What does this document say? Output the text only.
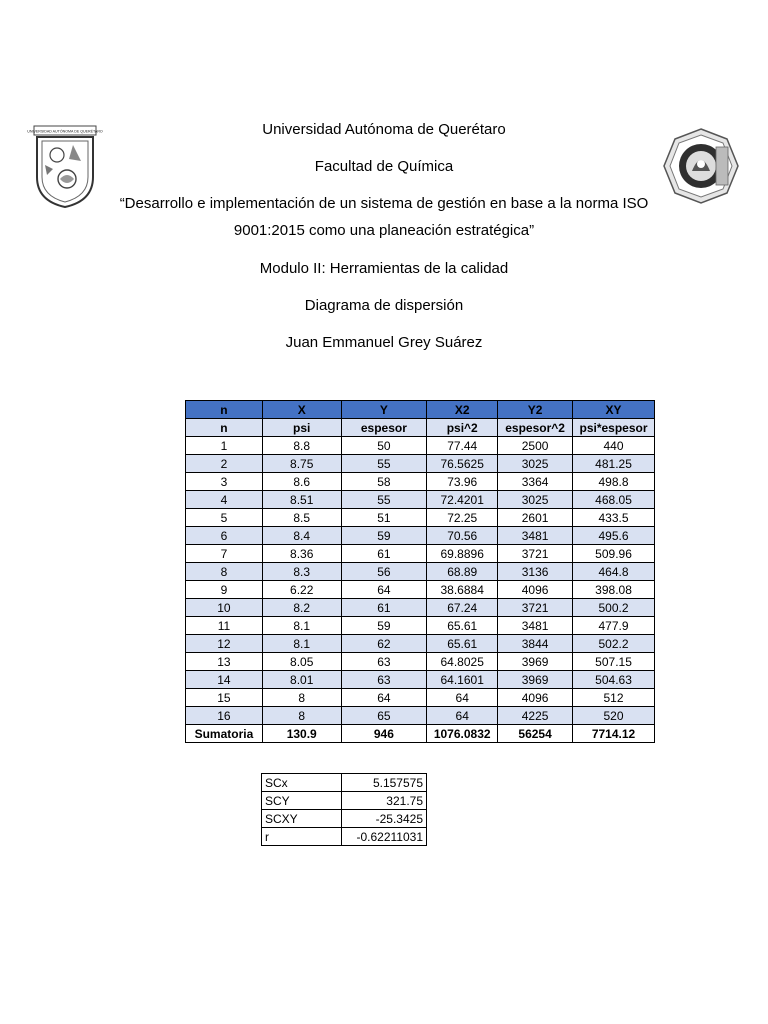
UNIVERSIDAD AUTÓNOMA DE QUERÉTARO	Universidad Autónoma de Querétaro
Facultad de Química
“Desarrollo e implementación de un sistema de gestión en base a la norma ISO
9001:2015 como una planeación estratégica”
Modulo II: Herramientas de la calidad
Diagrama de dispersión
Juan Emmanuel Grey Suárez
n	X	Y	X2	Y2	XY
n	psi	espesor	psi^2	espesor^2	psi*espesor
1	8.8	50	77.44	2500	440
2	8.75	55	76.5625	3025	481.25
3	8.6	58	73.96	3364	498.8
4	8.51	55	72.4201	3025	468.05
5	8.5	51	72.25	2601	433.5
6	8.4	59	70.56	3481	495.6
7	8.36	61	69.8896	3721	509.96
8	8.3	56	68.89	3136	464.8
9	6.22	64	38.6884	4096	398.08
10	8.2	61	67.24	3721	500.2
11	8.1	59	65.61	3481	477.9
12	8.1	62	65.61	3844	502.2
13	8.05	63	64.8025	3969	507.15
14	8.01	63	64.1601	3969	504.63
15	8	64	64	4096	512
16	8	65	64	4225	520
Sumatoria	130.9	946	1076.0832	56254	7714.12
SCx	5.157575
SCY	321.75
SCXY	-25.3425
r	-0.62211031
